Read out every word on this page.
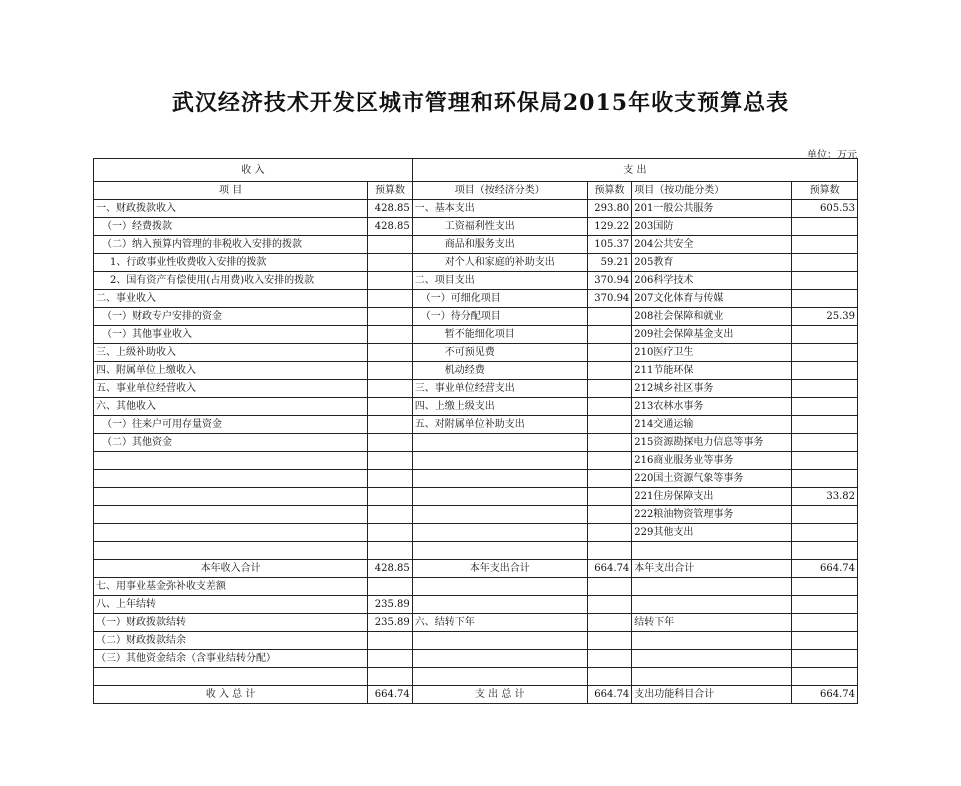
武汉经济技术开发区城市管理和环保局2015年收支预算总表
单位：万元
收 入		支 出			
项 目	预算数	项目（按经济分类）	预算数	项目（按功能分类）	预算数
一、财政拨款收入	428.85	一、基本支出	293.80	201一般公共服务	605.53
（一）经费拨款	428.85	工资福利性支出	129.22	203国防	
（二）纳入预算内管理的非税收入安排的拨款		商品和服务支出	105.37	204公共安全	
1、行政事业性收费收入安排的拨款		对个人和家庭的补助支出	59.21	205教育	
2、国有资产有偿使用(占用费)收入安排的拨款		二、项目支出	370.94	206科学技术	
二、事业收入		（一）可细化项目	370.94	207文化体育与传媒	
（一）财政专户安排的资金		（一）待分配项目		208社会保障和就业	25.39
（一）其他事业收入		暂不能细化项目		209社会保障基金支出	
三、上级补助收入		不可预见费		210医疗卫生	
四、附属单位上缴收入		机动经费		211节能环保	
五、事业单位经营收入		三、事业单位经营支出		212城乡社区事务	
六、其他收入		四、上缴上级支出		213农林水事务	
（一）往来户可用存量资金		五、对附属单位补助支出		214交通运输	
（二）其他资金				215资源勘探电力信息等事务	
				216商业服务业等事务	
				220国土资源气象等事务	
				221住房保障支出	33.82
				222粮油物资管理事务	
				229其他支出	

本年收入合计	428.85	本年支出合计	664.74	本年支出合计	664.74
七、用事业基金弥补收支差额					
八、上年结转	235.89				
（一）财政拨款结转	235.89	六、结转下年		结转下年	
（二）财政拨款结余					
（三）其他资金结余（含事业结转分配）					

收 入 总 计	664.74	支 出 总 计	664.74	支出功能科目合计	664.74
